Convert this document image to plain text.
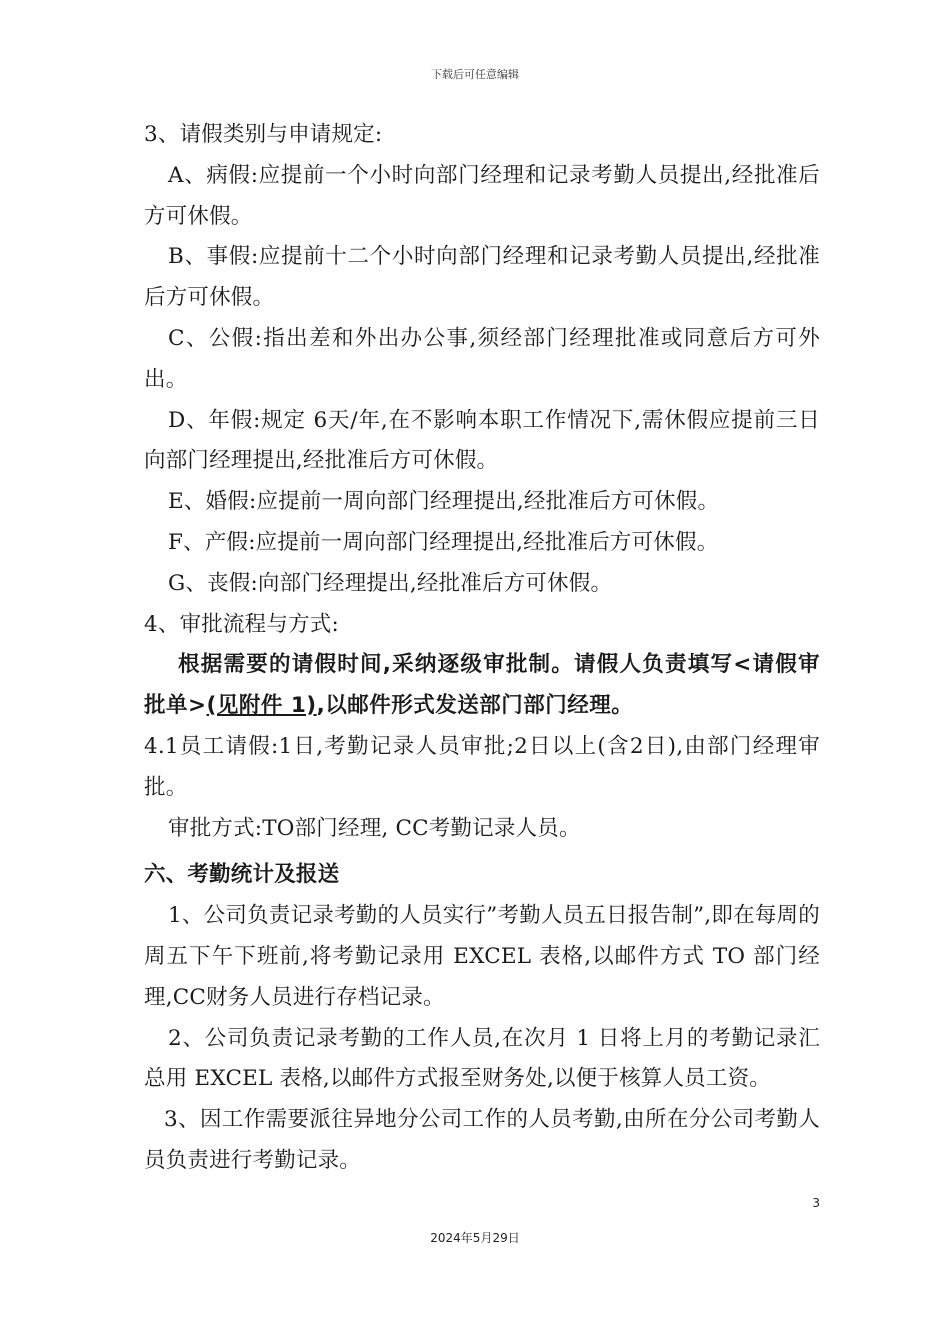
下载后可任意编辑

3、请假类别与申请规定:

A、病假:应提前一个小时向部门经理和记录考勤人员提出,经批准后方可休假。

B、事假:应提前十二个小时向部门经理和记录考勤人员提出,经批准后方可休假。

C、公假:指出差和外出办公事,须经部门经理批准或同意后方可外出。

D、年假:规定 6天/年,在不影响本职工作情况下,需休假应提前三日向部门经理提出,经批准后方可休假。

E、婚假:应提前一周向部门经理提出,经批准后方可休假。

F、产假:应提前一周向部门经理提出,经批准后方可休假。

G、丧假:向部门经理提出,经批准后方可休假。

4、审批流程与方式:

根据需要的请假时间,采纳逐级审批制。请假人负责填写<请假审批单>(见附件 1),以邮件形式发送部门部门经理。

4.1员工请假:1日,考勤记录人员审批;2日以上(含2日),由部门经理审批。

审批方式:TO部门经理, CC考勤记录人员。

六、考勤统计及报送

1、公司负责记录考勤的人员实行”考勤人员五日报告制”,即在每周的周五下午下班前,将考勤记录用 EXCEL 表格,以邮件方式 TO 部门经理,CC财务人员进行存档记录。

2、公司负责记录考勤的工作人员,在次月 1 日将上月的考勤记录汇总用 EXCEL 表格,以邮件方式报至财务处,以便于核算人员工资。

3、因工作需要派往异地分公司工作的人员考勤,由所在分公司考勤人员负责进行考勤记录。

3
2024年5月29日
